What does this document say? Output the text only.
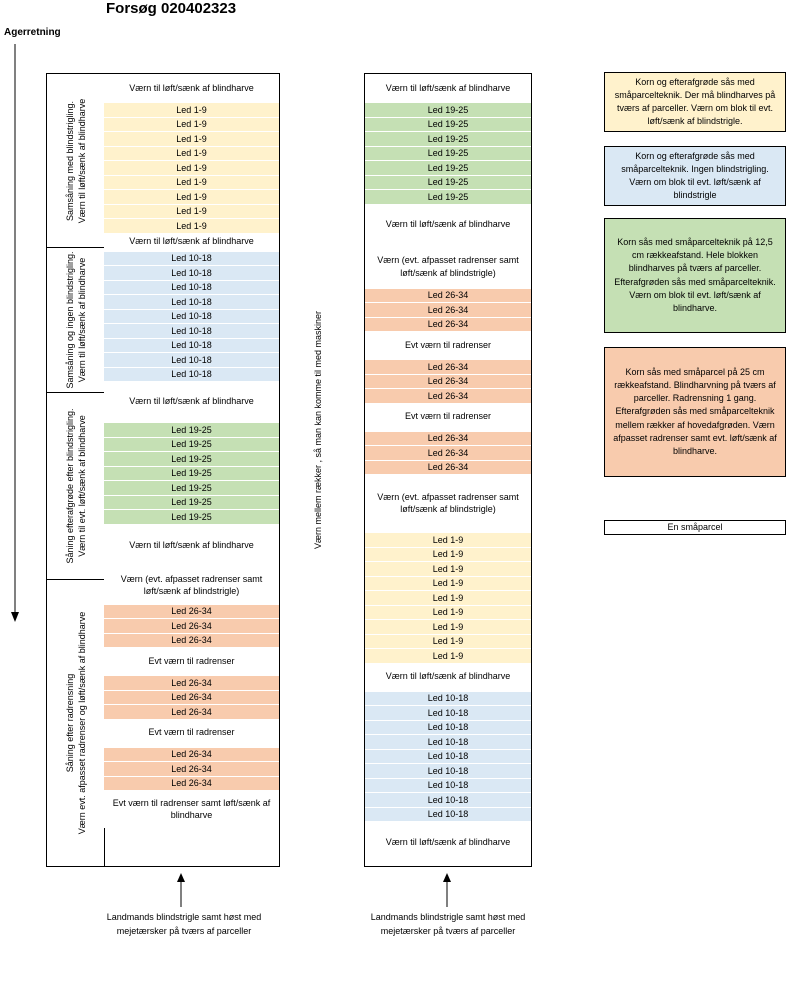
Forsøg 020402323
Agerretning
Samsåning med blindstrigling. Værn til løft/sænk af blindharve
Samsåning og ingen blindstrigling. Værn til løft/sænk af blindharve
Såning efterafgrøde efter blindstrigling. Værn til evt. løft/sænk af blindharve
Såning efter radrensning Værn evt. afpasset radrenser og løft/sænk af blindharve
Værn til løft/sænk af blindharve
Led 1-9
Led 1-9
Led 1-9
Led 1-9
Led 1-9
Led 1-9
Led 1-9
Led 1-9
Led 1-9
Værn til løft/sænk af blindharve
Led 10-18
Led 10-18
Led 10-18
Led 10-18
Led 10-18
Led 10-18
Led 10-18
Led 10-18
Led 10-18
Værn til løft/sænk af blindharve
Led 19-25
Led 19-25
Led 19-25
Led 19-25
Led 19-25
Led 19-25
Led 19-25
Værn til løft/sænk af blindharve
Værn (evt. afpasset radrenser samt løft/sænk af blindstrigle)
Led 26-34
Led 26-34
Led 26-34
Evt værn til radrenser
Led 26-34
Led 26-34
Led 26-34
Evt værn til radrenser
Led 26-34
Led 26-34
Led 26-34
Evt værn til radrenser samt løft/sænk af blindharve
Værn mellem rækker , så man kan komme til med maskiner
Værn til løft/sænk af blindharve
Led 19-25
Led 19-25
Led 19-25
Led 19-25
Led 19-25
Led 19-25
Led 19-25
Værn til løft/sænk af blindharve
Værn (evt. afpasset radrenser samt løft/sænk af blindstrigle)
Led 26-34
Led 26-34
Led 26-34
Evt værn til radrenser
Led 26-34
Led 26-34
Led 26-34
Evt værn til radrenser
Led 26-34
Led 26-34
Led 26-34
Værn (evt. afpasset radrenser samt løft/sænk af blindstrigle)
Led 1-9
Led 1-9
Led 1-9
Led 1-9
Led 1-9
Led 1-9
Led 1-9
Led 1-9
Led 1-9
Værn til løft/sænk af blindharve
Led 10-18
Led 10-18
Led 10-18
Led 10-18
Led 10-18
Led 10-18
Led 10-18
Led 10-18
Led 10-18
Værn til løft/sænk af blindharve
Korn og efterafgrøde sås med småparcelteknik. Der må blindharves på tværs af parceller. Værn om blok til evt. løft/sænk af blindstrigle.
Korn og efterafgrøde sås med småparcelteknik. Ingen blindstrigling. Værn om blok til evt. løft/sænk af blindstrigle
Korn sås med småparcelteknik på 12,5 cm rækkeafstand. Hele blokken blindharves på tværs af parceller. Efterafgrøden sås med småparcelteknik. Værn om blok til evt. løft/sænk af blindharve.
Korn sås med småparcel på 25 cm rækkeafstand. Blindharvning på tværs af parceller. Radrensning 1 gang. Efterafgrøden sås med småparcelteknik mellem rækker af hovedafgrøden. Værn afpasset radrenser samt evt. løft/sænk af blindharve.
En småparcel
Landmands blindstrigle samt høst med mejetærsker på tværs af parceller
Landmands blindstrigle samt høst med mejetærsker på tværs af parceller
